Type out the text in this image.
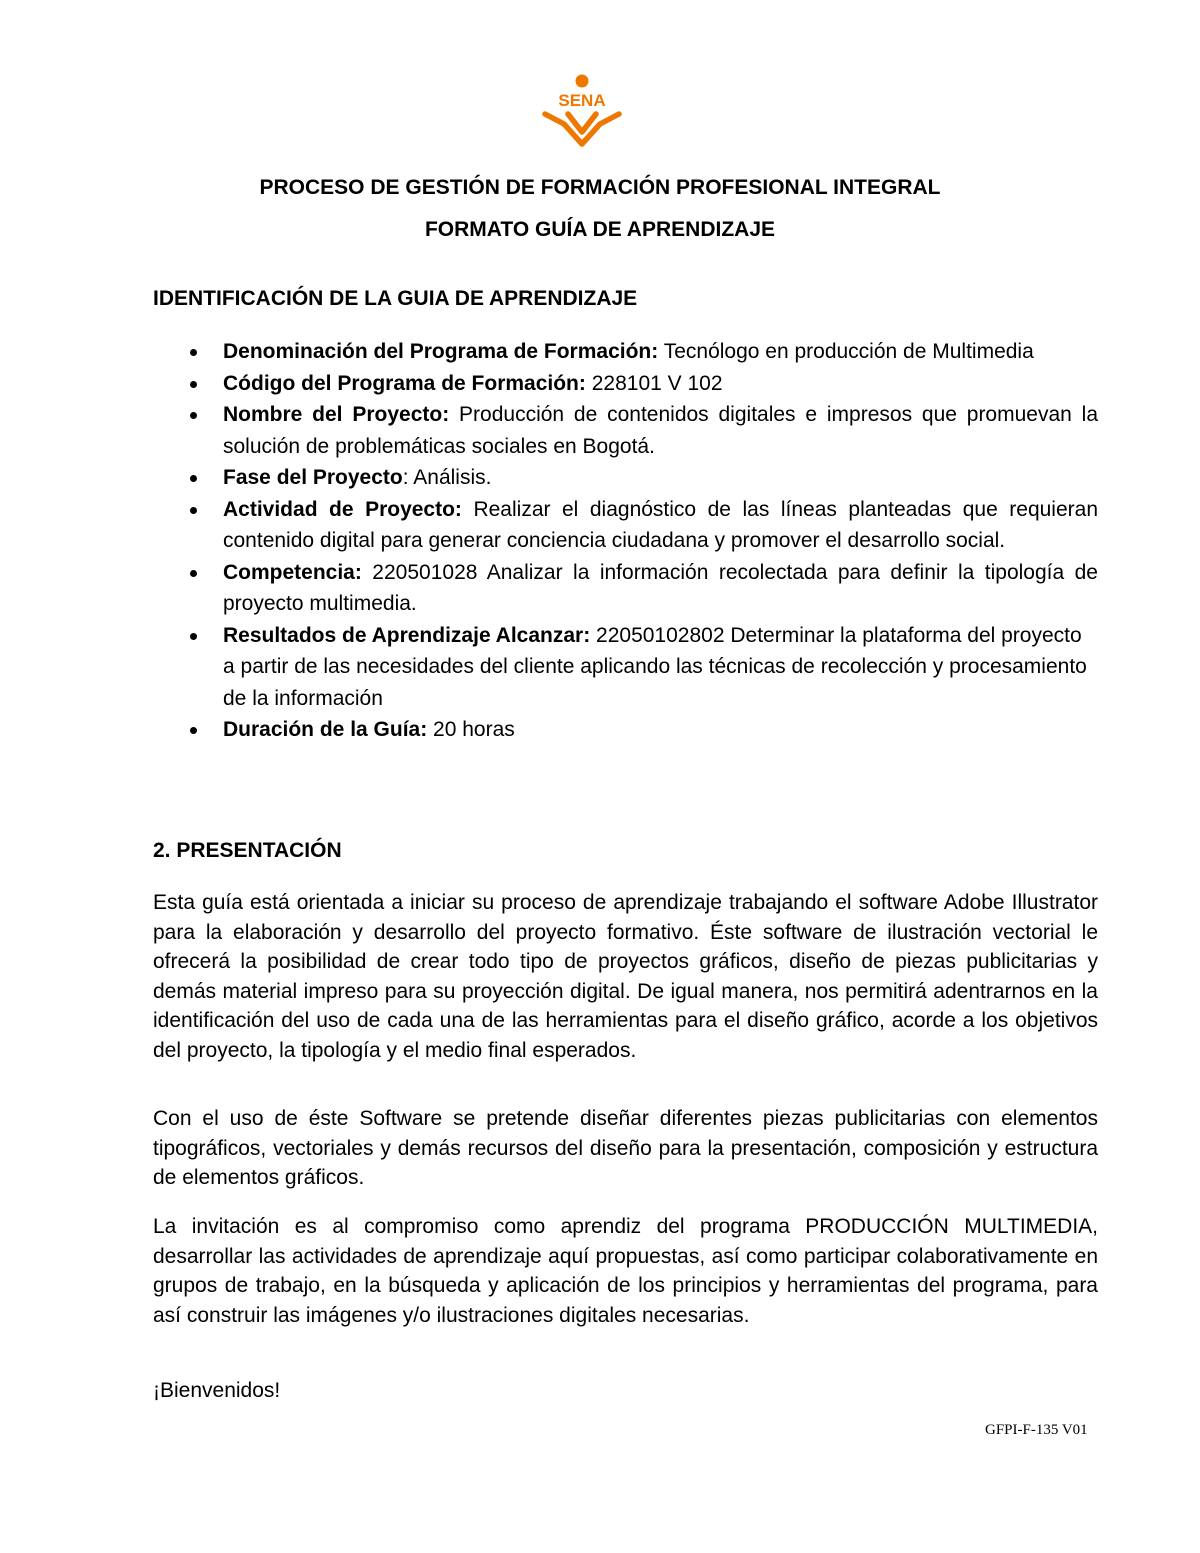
SENA
PROCESO DE GESTIÓN DE FORMACIÓN PROFESIONAL INTEGRAL
FORMATO GUÍA DE APRENDIZAJE
IDENTIFICACIÓN DE LA GUIA DE APRENDIZAJE
Denominación del Programa de Formación: Tecnólogo en producción de Multimedia
Código del Programa de Formación: 228101 V 102
Nombre del Proyecto: Producción de contenidos digitales e impresos que promuevan la solución de problemáticas sociales en Bogotá.
Fase del Proyecto: Análisis.
Actividad de Proyecto: Realizar el diagnóstico de las líneas planteadas que requieran contenido digital para generar conciencia ciudadana y promover el desarrollo social.
Competencia: 220501028 Analizar la información recolectada para definir la tipología de proyecto multimedia.
Resultados de Aprendizaje Alcanzar: 22050102802 Determinar la plataforma del proyecto a partir de las necesidades del cliente aplicando las técnicas de recolección y procesamiento de la información
Duración de la Guía: 20 horas
2. PRESENTACIÓN

Esta guía está orientada a iniciar su proceso de aprendizaje trabajando el software Adobe Illustrator para la elaboración y desarrollo del proyecto formativo. Éste software de ilustración vectorial le ofrecerá la posibilidad de crear todo tipo de proyectos gráficos, diseño de piezas publicitarias y demás material impreso para su proyección digital. De igual manera, nos permitirá adentrarnos en la identificación del uso de cada una de las herramientas para el diseño gráfico, acorde a los objetivos del proyecto, la tipología y el medio final esperados.

Con el uso de éste Software se pretende diseñar diferentes piezas publicitarias con elementos tipográficos, vectoriales y demás recursos del diseño para la presentación, composición y estructura de elementos gráficos.

La invitación es al compromiso como aprendiz del programa PRODUCCIÓN MULTIMEDIA, desarrollar las actividades de aprendizaje aquí propuestas, así como participar colaborativamente en grupos de trabajo, en la búsqueda y aplicación de los principios y herramientas del programa, para así construir las imágenes y/o ilustraciones digitales necesarias.

¡Bienvenidos!

GFPI-F-135 V01
